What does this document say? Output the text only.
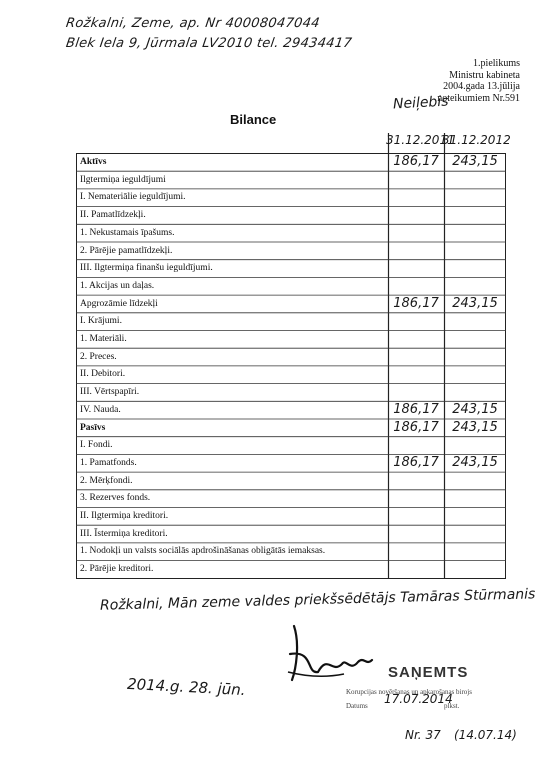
Rožkalni, Zeme, ap. Nr 40008047044
Blek Iela 9, Jūrmala LV2010 tel. 29434417
1.pielikums
Ministru kabineta
2004.gada 13.jūlija
noteikumiem Nr.591
Neiļebis
Bilance
31.12.2011
31.12.2012
Aktīvs	186,17	243,15
Ilgtermiņa ieguldījumi
I. Nemateriālie ieguldījumi.
II. Pamatlīdzekļi.
1. Nekustamais īpašums.
2. Pārējie pamatlīdzekļi.
III. Ilgtermiņa finanšu ieguldījumi.
1. Akcijas un daļas.
Apgrozāmie līdzekļi	186,17	243,15
I. Krājumi.
1. Materiāli.
2. Preces.
II. Debitori.
III. Vērtspapīri.
IV. Nauda.	186,17	243,15
Pasīvs	186,17	243,15
I. Fondi.
1. Pamatfonds.	186,17	243,15
2. Mērķfondi.
3. Rezerves fonds.
II. Ilgtermiņa kreditori.
III. Īstermiņa kreditori.
1. Nodokļi un valsts sociālās apdrošināšanas obligātās iemaksas.
2. Pārējie kreditori.
Rožkalni, Mān zeme valdes priekšsēdētājs Tamāras Stūrmanis
2014.g. 28. jūn.
SAŅEMTS
Korupcijas novēršanas un apkarošanas birojs
Datums	plkst.
17.07.2014
Nr. 37 (14.07.14)
